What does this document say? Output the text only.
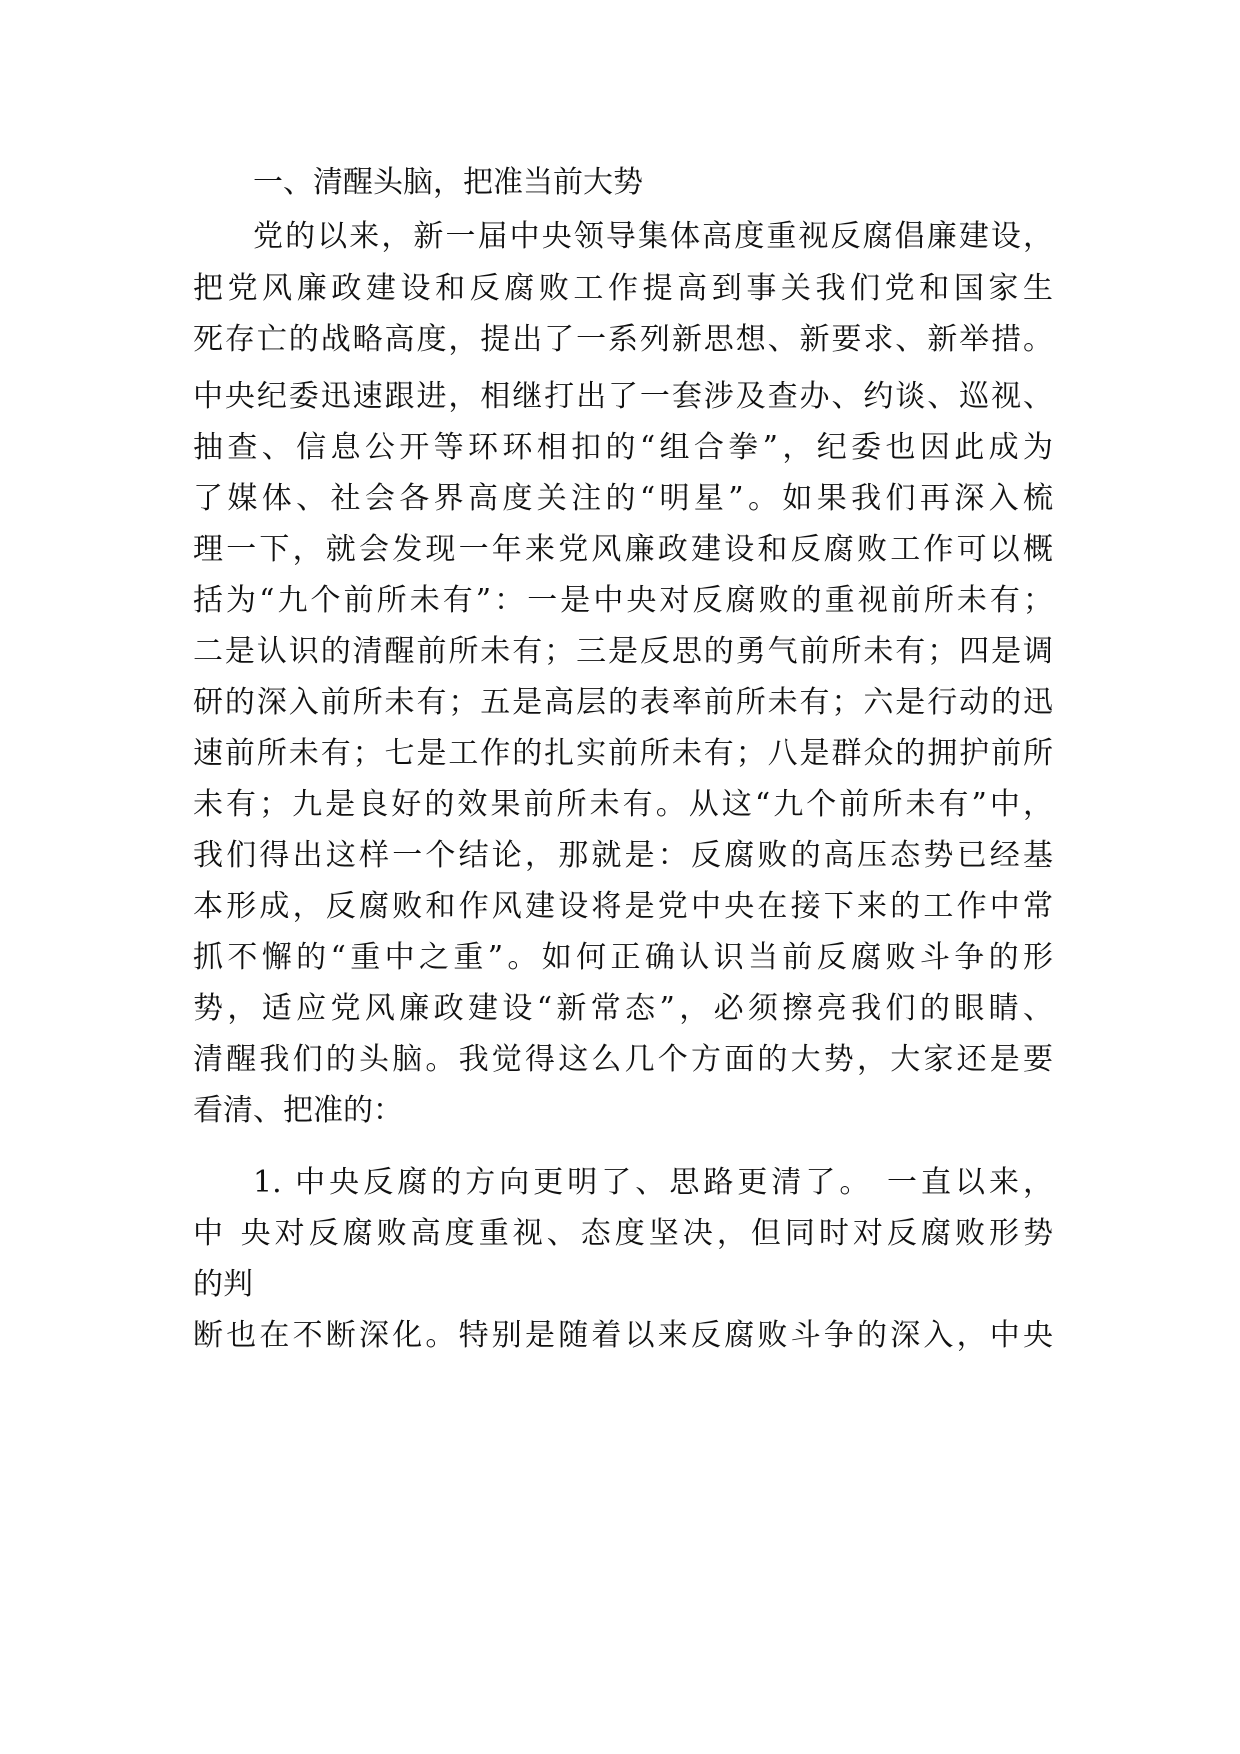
一、清醒头脑，把准当前大势
党的以来，新一届中央领导集体高度重视反腐倡廉建设，
把党风廉政建设和反腐败工作提高到事关我们党和国家生
死存亡的战略高度，提出了一系列新思想、新要求、新举措。
中央纪委迅速跟进，相继打出了一套涉及查办、约谈、巡视、
抽查、信息公开等环环相扣的“组合拳”，纪委也因此成为
了媒体、社会各界高度关注的“明星”。如果我们再深入梳
理一下，就会发现一年来党风廉政建设和反腐败工作可以概
括为“九个前所未有”：一是中央对反腐败的重视前所未有；
二是认识的清醒前所未有；三是反思的勇气前所未有；四是调
研的深入前所未有；五是高层的表率前所未有；六是行动的迅
速前所未有；七是工作的扎实前所未有；八是群众的拥护前所
未有；九是良好的效果前所未有。从这“九个前所未有”中，
我们得出这样一个结论，那就是：反腐败的高压态势已经基
本形成，反腐败和作风建设将是党中央在接下来的工作中常
抓不懈的“重中之重”。如何正确认识当前反腐败斗争的形
势，适应党风廉政建设“新常态”，必须擦亮我们的眼睛、
清醒我们的头脑。我觉得这么几个方面的大势，大家还是要
看清、把准的：
1. 中央反腐的方向更明了、思路更清了。 一直以来，
中 央对反腐败高度重视、态度坚决，但同时对反腐败形势
的判
断也在不断深化。特别是随着以来反腐败斗争的深入，中央
